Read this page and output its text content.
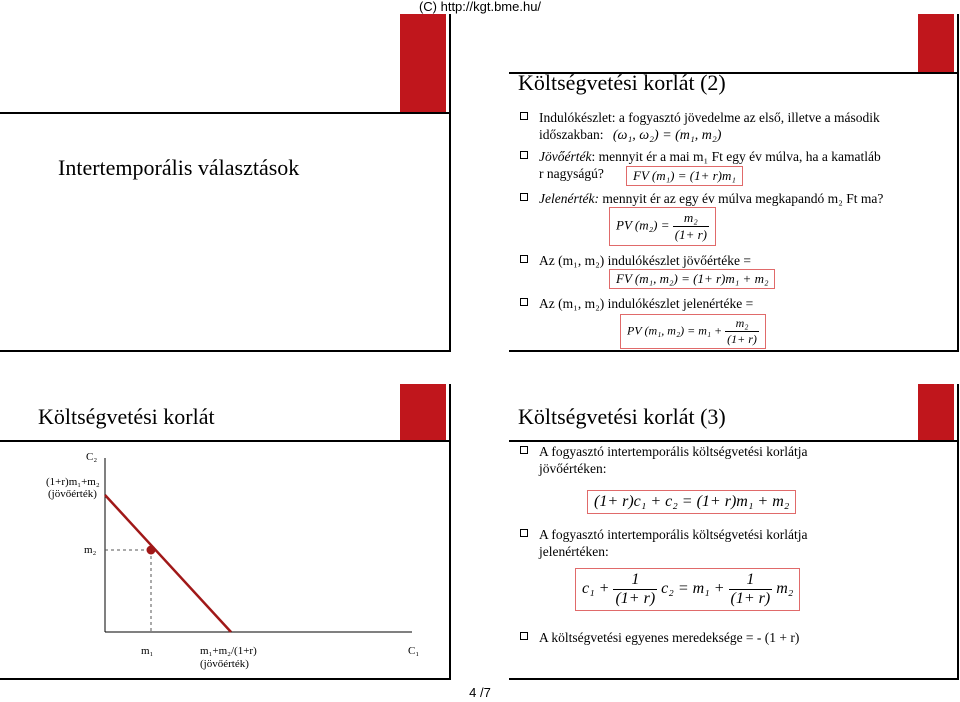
(C) http://kgt.bme.hu/
Intertemporális választások
Költségvetési korlát (2)
Indulókészlet: a fogyasztó jövedelme az első, illetve a második
időszakban: (ω₁, ω₂) = (m₁, m₂)
Jövőérték: mennyit ér a mai m₁ Ft egy év múlva, ha a kamatláb
r nagyságú?	FV (m₁) = (1+ r)m₁
Jelenérték: mennyit ér az egy év múlva megkapandó m₂ Ft ma?
PV $(m_2) = \frac{\text{m₂}}{(1+ r)}$
Az (m₁, m₂) indulókészlet jövőértéke =
FV (m₁, m₂) = (1+ r)m₁ + m₂
Az (m₁, m₂) indulókészlet jelenértéke =
PV (m₁, $m_2) = m_1 + \frac{\text{m₂}}{(1+ r)}$
Költségvetési korlát
C₂
(1+r)m₁+m₂
(jövőérték)
m₂
m₁	m₁+m₂/(1+r)
(jövőérték)
C₁
Költségvetési korlát (3)
A fogyasztó intertemporális költségvetési korlátja
jövőértéken:
(1+ r)c₁ + c₂ = (1+ r)m₁ + m₂
A fogyasztó intertemporális költségvetési korlátja
jelenértéken:
$c_1 + \frac{1}{(1+ r)} c_2 = m_1 + \frac{1}{(1+ r)} m_2$
A költségvetési egyenes meredeksége = - (1 + r)
4 /7
